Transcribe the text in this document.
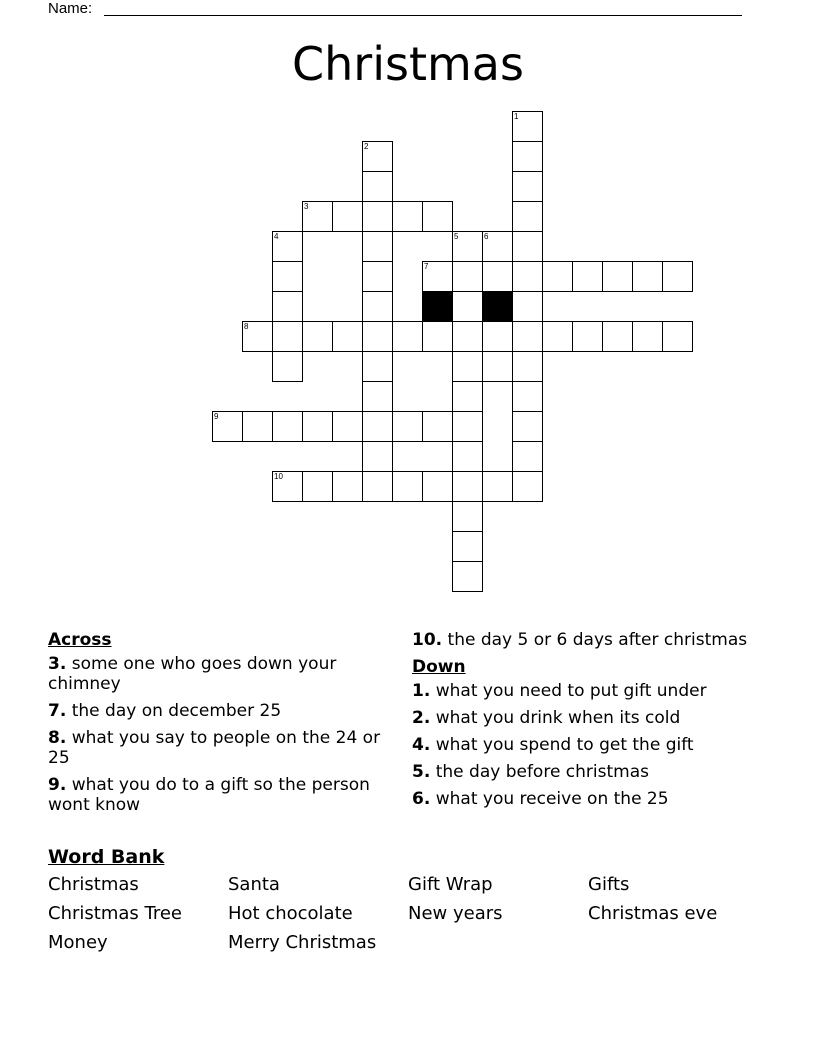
Name:
Christmas
1
2
3
4	5	6
7
8
9
10
Across
3. some one who goes down your chimney
7. the day on december 25
8. what you say to people on the 24 or 25
9. what you do to a gift so the person wont know
10. the day 5 or 6 days after christmas
Down
1. what you need to put gift under
2. what you drink when its cold
4. what you spend to get the gift
5. the day before christmas
6. what you receive on the 25
Word Bank
Christmas	Santa	Gift Wrap	Gifts
Christmas Tree	Hot chocolate	New years	Christmas eve
Money	Merry Christmas
